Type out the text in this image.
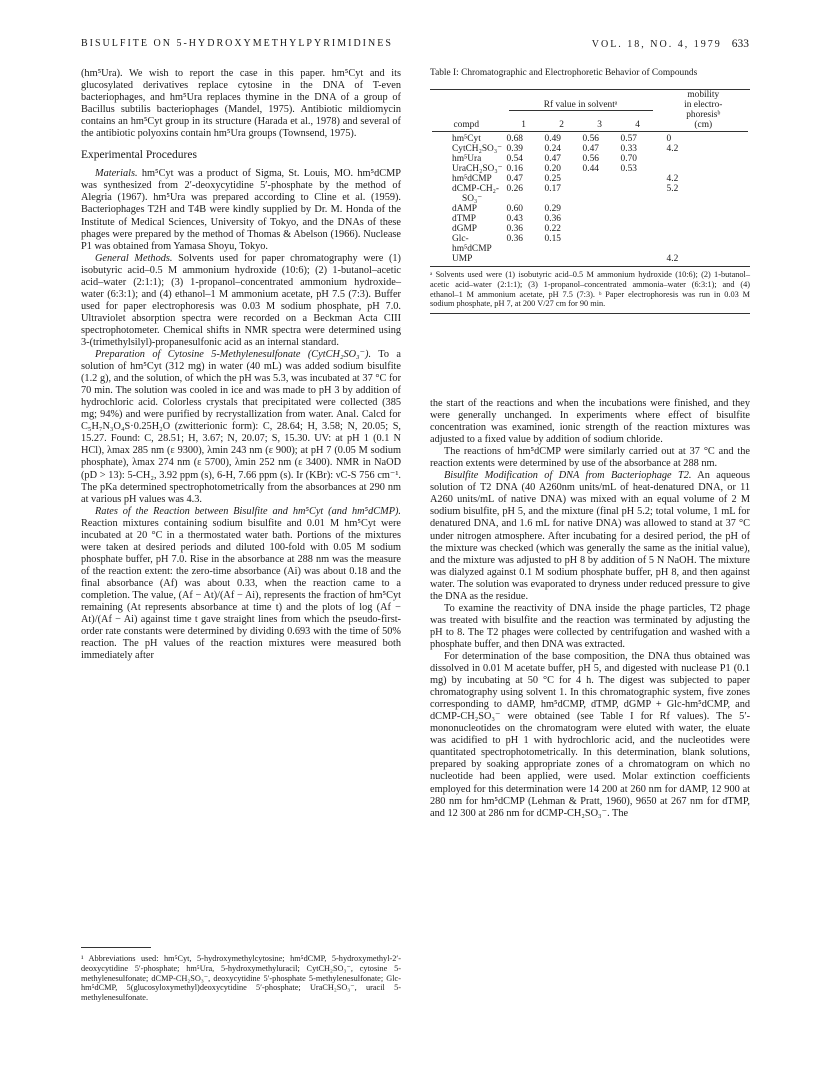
BISULFITE ON 5-HYDROXYMETHYLPYRIMIDINES	VOL. 18, NO. 4, 1979 633

(hm⁵Ura). We wish to report the case in this paper. hm⁵Cyt and its glucosylated derivatives replace cytosine in the DNA of T-even bacteriophages, and hm⁵Ura replaces thymine in the DNA of a group of Bacillus subtilis bacteriophages (Mandel, 1975). Antibiotic mildiomycin contains an hm⁵Cyt group in its structure (Harada et al., 1978) and several of the antibiotic polyoxins contain hm⁵Ura groups (Townsend, 1975).

Experimental Procedures

Materials. hm⁵Cyt was a product of Sigma, St. Louis, MO. hm⁵dCMP was synthesized from 2′-deoxycytidine 5′-phosphate by the method of Alegria (1967). hm⁵Ura was prepared according to Cline et al. (1959). Bacteriophages T2H and T4B were kindly supplied by Dr. M. Honda of the Institute of Medical Sciences, University of Tokyo, and the DNAs of these phages were prepared by the method of Thomas & Abelson (1966). Nuclease P1 was obtained from Yamasa Shoyu, Tokyo.

General Methods. Solvents used for paper chromatography were (1) isobutyric acid–0.5 M ammonium hydroxide (10:6); (2) 1-butanol–acetic acid–water (2:1:1); (3) 1-propanol–concentrated ammonium hydroxide–water (6:3:1); and (4) ethanol–1 M ammonium acetate, pH 7.5 (7:3). Buffer used for paper electrophoresis was 0.03 M sodium phosphate, pH 7.0. Ultraviolet absorption spectra were recorded on a Beckman Acta CIII spectrophotometer. Chemical shifts in NMR spectra were determined using 3-(trimethylsilyl)-propanesulfonic acid as an internal standard.

Preparation of Cytosine 5-Methylenesulfonate (CytCH₂SO₃⁻). To a solution of hm⁵Cyt (312 mg) in water (40 mL) was added sodium bisulfite (1.2 g), and the solution, of which the pH was 5.3, was incubated at 37 °C for 70 min. The solution was cooled in ice and was made to pH 3 by addition of hydrochloric acid. Colorless crystals that precipitated were collected (385 mg; 94%) and were purified by recrystallization from water. Anal. Calcd for C₅H₇N₃O₄S·0.25H₂O (zwitterionic form): C, 28.64; H, 3.58; N, 20.05; S, 15.27. Found: C, 28.51; H, 3.67; N, 20.07; S, 15.30. UV: at pH 1 (0.1 N HCl), λmax 285 nm (ε 9300), λmin 243 nm (ε 900); at pH 7 (0.05 M sodium phosphate), λmax 274 nm (ε 5700), λmin 252 nm (ε 3400). NMR in NaOD (pD > 13): 5-CH₂, 3.92 ppm (s), 6-H, 7.66 ppm (s). Ir (KBr): νC-S 756 cm⁻¹. The pKa determined spectrophotometrically from the absorbances at 290 nm at various pH values was 4.3.

Rates of the Reaction between Bisulfite and hm⁵Cyt (and hm⁵dCMP). Reaction mixtures containing sodium bisulfite and 0.01 M hm⁵Cyt were incubated at 20 °C in a thermostated water bath. Portions of the mixtures were taken at desired periods and diluted 100-fold with 0.05 M sodium phosphate buffer, pH 7.0. Rise in the absorbance at 288 nm was the measure of the reaction extent: the zero-time absorbance (Ai) was about 0.18 and the final absorbance (Af) was about 0.33, when the reaction came to a completion. The value, (Af − At)/(Af − Ai), represents the fraction of hm⁵Cyt remaining (At represents absorbance at time t) and the plots of log (Af − At)/(Af − Ai) against time t gave straight lines from which the pseudo-first-order rate constants were determined by dividing 0.693 with the time of 50% reaction. The pH values of the reaction mixtures were measured both immediately after

¹ Abbreviations used: hm⁵Cyt, 5-hydroxymethylcytosine; hm⁵dCMP, 5-hydroxymethyl-2′-deoxycytidine 5′-phosphate; hm⁵Ura, 5-hydroxymethyluracil; CytCH₂SO₃⁻, cytosine 5-methylenesulfonate; dCMP-CH₂SO₃⁻, deoxycytidine 5′-phosphate 5-methylenesulfonate; Glc-hm⁵dCMP, 5(glucosyloxymethyl)deoxycytidine 5′-phosphate; UraCH₂SO₃⁻, uracil 5-methylenesulfonate.

Table I: Chromatographic and Electrophoretic Behavior of Compounds
					mobility
	Rf value in solventᵃ				in electro-

				phoresisᵇ
compd	1	2	3	4	(cm)

hm⁵Cyt	0.68	0.49	0.56	0.57	0
CytCH₂SO₃⁻	0.39	0.24	0.47	0.33	4.2
hm⁵Ura	0.54	0.47	0.56	0.70	
UraCH₂SO₃⁻	0.16	0.20	0.44	0.53	
hm⁵dCMP	0.47	0.25			4.2
dCMP-CH₂-	0.26	0.17			5.2
SO₃⁻					
dAMP	0.60	0.29			
dTMP	0.43	0.36			
dGMP	0.36	0.22			
Glc-hm⁵dCMP	0.36	0.15			
UMP					4.2
ᵃ Solvents used were (1) isobutyric acid–0.5 M ammonium hydroxide (10:6); (2) 1-butanol–acetic acid–water (2:1:1); (3) 1-propanol–concentrated ammonia–water (6:3:1); and (4) ethanol–1 M ammonium acetate, pH 7.5 (7:3). ᵇ Paper electrophoresis was run in 0.03 M sodium phosphate, pH 7, at 200 V/27 cm for 90 min.

the start of the reactions and when the incubations were finished, and they were generally unchanged. In experiments where effect of bisulfite concentration was examined, ionic strength of the reaction mixtures was adjusted to a fixed value by addition of sodium chloride.

The reactions of hm⁵dCMP were similarly carried out at 37 °C and the reaction extents were determined by use of the absorbance at 288 nm.

Bisulfite Modification of DNA from Bacteriophage T2. An aqueous solution of T2 DNA (40 A260nm units/mL of heat-denatured DNA, or 11 A260 units/mL of native DNA) was mixed with an equal volume of 2 M sodium bisulfite, pH 5, and the mixture (final pH 5.2; total volume, 1 mL for denatured DNA, and 1.6 mL for native DNA) was allowed to stand at 37 °C under nitrogen atmosphere. After incubating for a desired period, the pH of the mixture was checked (which was generally the same as the initial value), and the mixture was adjusted to pH 8 by addition of 5 N NaOH. The mixture was dialyzed against 0.1 M sodium phosphate buffer, pH 8, and then against water. The solution was evaporated to dryness under reduced pressure to give the DNA as the residue.

To examine the reactivity of DNA inside the phage particles, T2 phage was treated with bisulfite and the reaction was terminated by adjusting the pH to 8. The T2 phages were collected by centrifugation and washed with a phosphate buffer, and then DNA was extracted.

For determination of the base composition, the DNA thus obtained was dissolved in 0.01 M acetate buffer, pH 5, and digested with nuclease P1 (0.1 mg) by incubating at 50 °C for 4 h. The digest was subjected to paper chromatography using solvent 1. In this chromatographic system, five zones corresponding to dAMP, hm⁵dCMP, dTMP, dGMP + Glc-hm⁵dCMP, and dCMP-CH₂SO₃⁻ were obtained (see Table I for Rf values). The 5′-mononucleotides on the chromatogram were eluted with water, the eluate was acidified to pH 1 with hydrochloric acid, and the nucleotides were quantitated spectrophotometrically. In this determination, blank solutions, prepared by soaking appropriate zones of a chromatogram on which no nucleotide had been applied, were used. Molar extinction coefficients employed for this determination were 14 200 at 260 nm for dAMP, 12 900 at 280 nm for hm⁵dCMP (Lehman & Pratt, 1960), 9650 at 267 nm for dTMP, and 12 300 at 286 nm for dCMP-CH₂SO₃⁻. The
